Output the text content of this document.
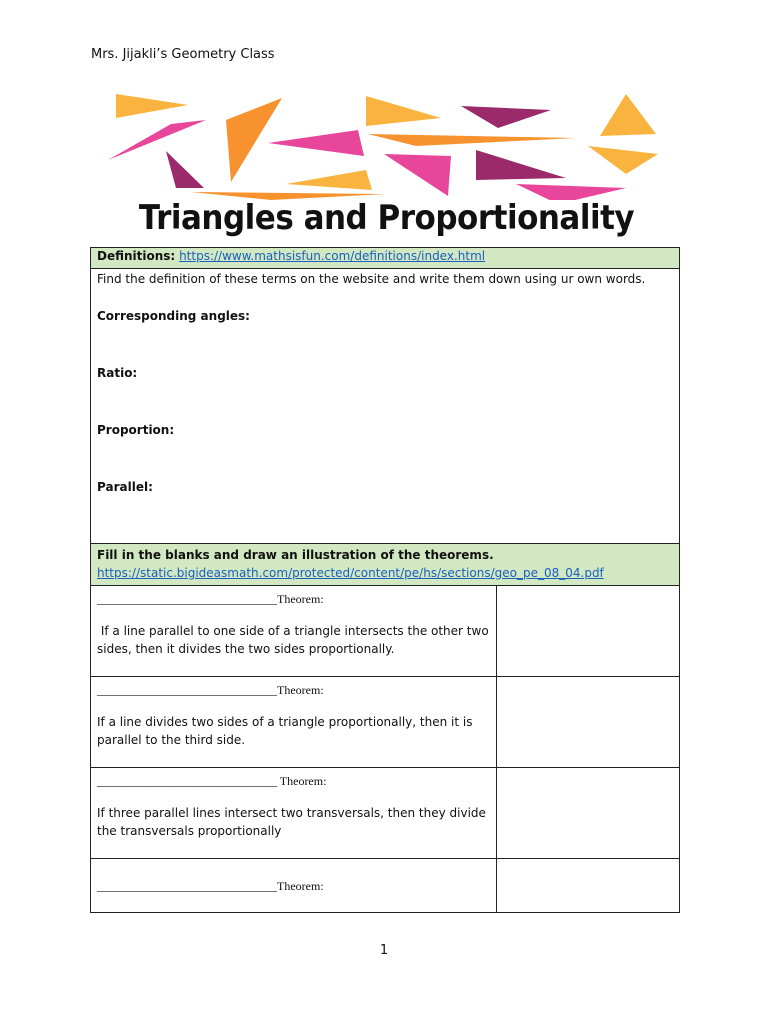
Mrs. Jijakli’s Geometry Class
Triangles and Proportionality
Definitions: https://www.mathsisfun.com/definitions/index.html	

Find the definition of these terms on the website and write them down using ur own words.
Corresponding angles:
Ratio:
Proportion:
Parallel:	

Fill in the blanks and draw an illustration of the theorems.
https://static.bigideasmath.com/protected/content/pe/hs/sections/geo_pe_08_04.pdf	

______________________________Theorem:
If a line parallel to one side of a triangle intersects the other two sides, then it divides the two sides proportionally.	

______________________________Theorem:
If a line divides two sides of a triangle proportionally, then it is parallel to the third side.	

______________________________ Theorem:
If three parallel lines intersect two transversals, then they divide the transversals proportionally	

______________________________Theorem:	

1
